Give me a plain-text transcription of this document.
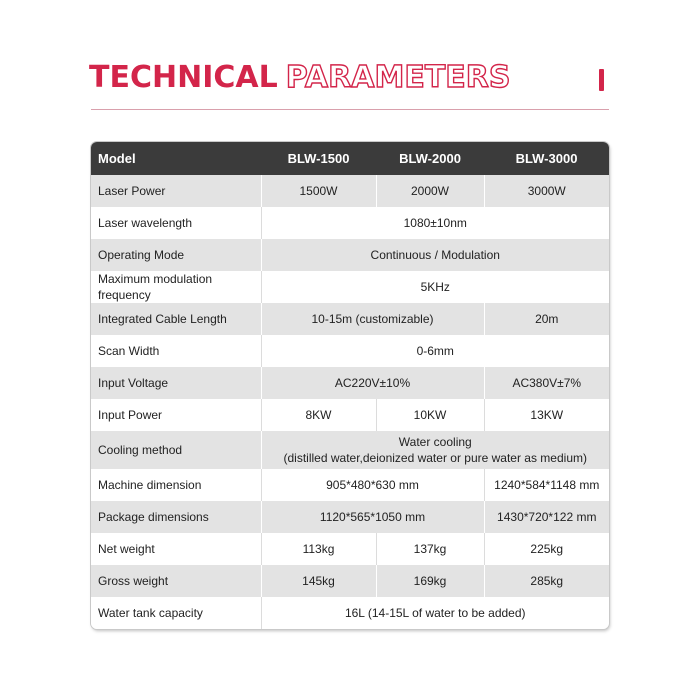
TECHNICAL PARAMETERS
Model	BLW-1500	BLW-2000	BLW-3000
Laser Power	1500W	2000W	3000W
Laser wavelength	1080±10nm		
Operating Mode	Continuous / Modulation		
Maximum modulation frequency	5KHz		
Integrated Cable Length	10-15m (customizable)		20m
Scan Width	0-6mm		
Input Voltage	AC220V±10%		AC380V±7%
Input Power	8KW	10KW	13KW
Cooling method	Water cooling
(distilled water,deionized water or pure water as medium)		

Machine dimension	905*480*630 mm		1240*584*1148 mm
Package dimensions	1120*565*1050 mm		1430*720*122 mm
Net weight	113kg	137kg	225kg
Gross weight	145kg	169kg	285kg
Water tank capacity	16L (14-15L of water to be added)		
